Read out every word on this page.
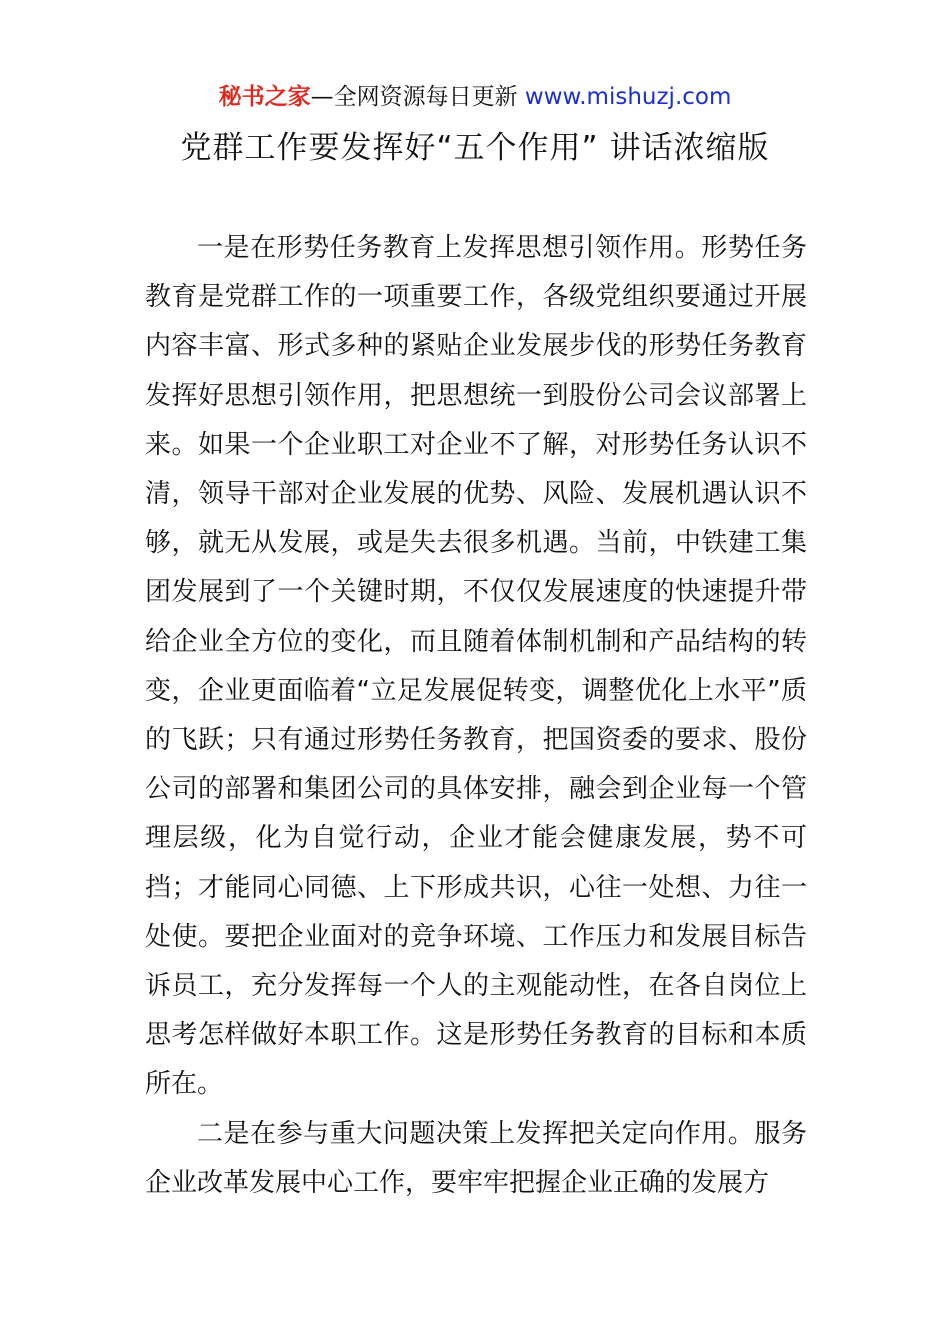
秘书之家—全网资源每日更新 www.mishuzj.com
党群工作要发挥好“五个作用” 讲话浓缩版

一是在形势任务教育上发挥思想引领作用。形势任务教育是党群工作的一项重要工作，各级党组织要通过开展内容丰富、形式多种的紧贴企业发展步伐的形势任务教育发挥好思想引领作用，把思想统一到股份公司会议部署上来。如果一个企业职工对企业不了解，对形势任务认识不清，领导干部对企业发展的优势、风险、发展机遇认识不够，就无从发展，或是失去很多机遇。当前，中铁建工集团发展到了一个关键时期，不仅仅发展速度的快速提升带给企业全方位的变化，而且随着体制机制和产品结构的转变，企业更面临着“立足发展促转变，调整优化上水平”质的飞跃；只有通过形势任务教育，把国资委的要求、股份公司的部署和集团公司的具体安排，融会到企业每一个管理层级，化为自觉行动，企业才能会健康发展，势不可挡；才能同心同德、上下形成共识，心往一处想、力往一处使。要把企业面对的竞争环境、工作压力和发展目标告诉员工，充分发挥每一个人的主观能动性，在各自岗位上思考怎样做好本职工作。这是形势任务教育的目标和本质所在。

二是在参与重大问题决策上发挥把关定向作用。服务企业改革发展中心工作，要牢牢把握企业正确的发展方
